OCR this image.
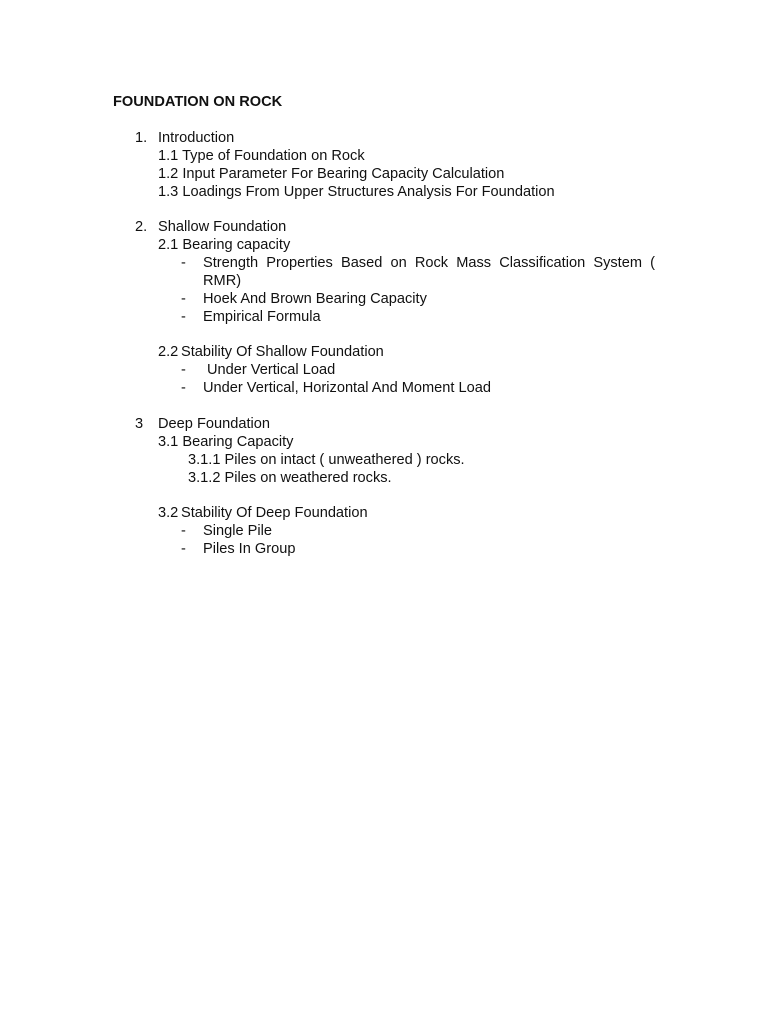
FOUNDATION ON ROCK
1. Introduction
1.1 Type of Foundation on Rock
1.2 Input Parameter For Bearing Capacity Calculation
1.3 Loadings From Upper Structures Analysis For Foundation
2. Shallow Foundation
2.1 Bearing capacity
- Strength Properties Based on Rock Mass Classification System (
RMR)
- Hoek And Brown Bearing Capacity
- Empirical Formula
2.2 Stability Of Shallow Foundation
- Under Vertical Load
- Under Vertical, Horizontal And Moment Load
3 Deep Foundation
3.1 Bearing Capacity
3.1.1 Piles on intact ( unweathered ) rocks.
3.1.2 Piles on weathered rocks.
3.2 Stability Of Deep Foundation
- Single Pile
- Piles In Group
